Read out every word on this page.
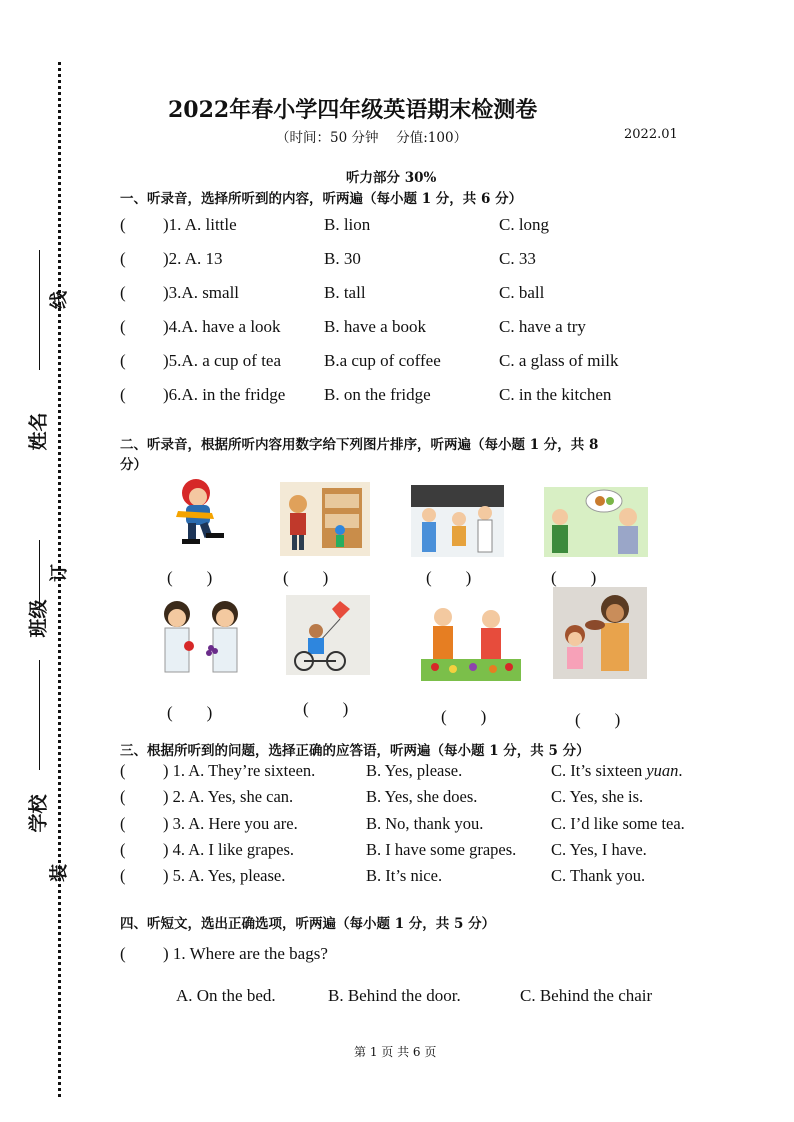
姓名
班级
学校
线
订
装
2022年春小学四年级英语期末检测卷
（时间：50 分钟　 分值:100）	2022.01
听力部分 30%
一、听录音，选择所听到的内容，听两遍（每小题 1 分，共 6 分）
( )1. A. little	B. lion	C. long
( )2. A. 13	B. 30	C. 33
( )3.A. small	B. tall	C. ball
( )4.A. have a look	B. have a book	C. have a try
( )5.A. a cup of tea	B.a cup of coffee	C. a glass of milk
( )6.A. in the fridge B. on the fridge	C. in the kitchen
二、听录音，根据所听内容用数字给下列图片排序，听两遍（每小题 1 分，共 8
分）
(　　)	(　　)	(　　)	(　　)
(　　)	(　　)	(　　)	(　　)
三、根据所听到的问题，选择正确的应答语，听两遍（每小题 1 分，共 5 分）
( ) 1. A. They’re sixteen.	B. Yes, please.	C. It’s sixteen yuan.
( ) 2. A. Yes, she can.	B. Yes, she does.	C. Yes, she is.
( ) 3. A. Here you are.	B. No, thank you.	C. I’d like some tea.
( ) 4. A. I like grapes.	B. I have some grapes. C. Yes, I have.
( ) 5. A. Yes, please.	B. It’s nice.	C. Thank you.
四、听短文，选出正确选项，听两遍（每小题 1 分，共 5 分）
( ) 1. Where are the bags?
A. On the bed.	B. Behind the door.	C. Behind the chair
第 1 页 共 6 页
